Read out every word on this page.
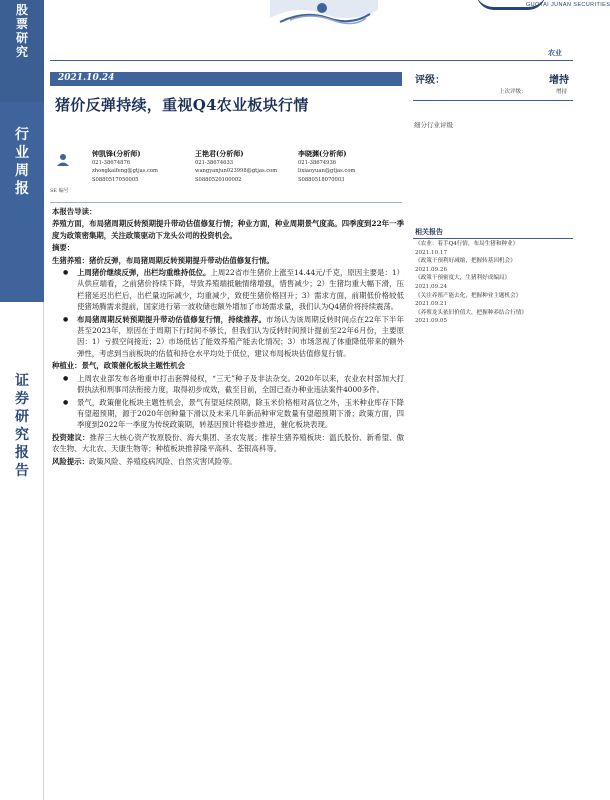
股
票
研
究
行
业
周
报
证
券
研
究
报
告
GUOTAI JUNAN SECURITIES
农业
2021.10.24
猪价反弹持续，重视Q4农业板块行情
SE 编号
钟凯锋(分析师)
021-38674876
zhongkaifeng@gtjas.com
S0880517050005
王艳君(分析师)
021-38674633
wangyanjun023998@gtjas.com
S0880520100002
李晓渊(分析师)
021-38674936
lixiaoyuan@gtjas.com
S0880518070003
本报告导读：
养殖方面，布局猪周期反转预期提升带动估值修复行情；种业方面，种业周期景气度高。四季度到22年一季度为政策密集期，关注政策驱动下龙头公司的投资机会。
摘要：
生猪养殖：猪价反弹，布局猪周期反转预期提升带动估值修复行情。
● 上周猪价继续反弹，出栏均重维持低位。上周22省市生猪价上涨至14.44元/千克，原因主要是：1）从供应端看，之前猪价持续下降，导致养殖端抵触情绪增强，惜售减少；2）生猪均重大幅下滑，压栏猪延迟出栏后，出栏量边际减少，均重减少，致使生猪价格回升；3）需求方面，前期低价格较低使猪场腾需求提前，国家进行第一波收储也额外增加了市场需求量，我们认为Q4猪价将持续震荡。
● 布局猪周期反转预期提升带动估值修复行情，持续推荐。市场认为该周期反转时间点在22年下半年甚至2023年，原因在于周期下行时间不够长，但我们认为反转时间预计提前至22年6月份，主要原因：1）亏损空间接近；2）市场低估了能效养殖产能去化情况；3）市场忽视了体重降低带来的额外弹性，考虑到当前板块的估值和持仓水平均处于低位，建议布局板块估值修复行情。
种植业：景气，政策催化板块主题性机会
● 上周农业部发布各地重申打击套牌侵权，“三无”种子及非法杂交。2020年以来，农业农村部加大打假执法和刑事司法衔接力度，取得初步成效，截至目前，全国已查办种业违法案件4000多件。
● 景气，政策催化板块主题性机会，景气有望延续预期，除玉米价格相对高位之外，玉米种业库存下降有望超预期，源于2020年创种量下滑以及未来几年新品种审定数量有望超预期下滑；政策方面，四季度到2022年一季度为传统政策期，转基因预计将稳步推进，催化板块表现。
投资建议：推荐三大核心资产牧原股份、海大集团、圣农发展；推荐生猪养殖板块：温氏股份、新希望、傲农生物、大北农、天康生物等；种植板块推荐隆平高科、荃银高科等。
风险提示：政策风险、养殖疫病风险、自然灾害风险等。
评级：	增持
上次评级：	增持
细分行业评级
相关报告
《农业：着手Q4行情，布局生猪和种业》
2021.10.17
《政策干预利好减缩，把握转基因机会》
2021.09.26
《政策干预密度大，生猪利好成编局》
2021.09.24
《关注养殖产能去化，把握种业主题机会》
2021.09.21
《养殖龙头依旧价值大，把握种养结合行情》
2021.09.05
